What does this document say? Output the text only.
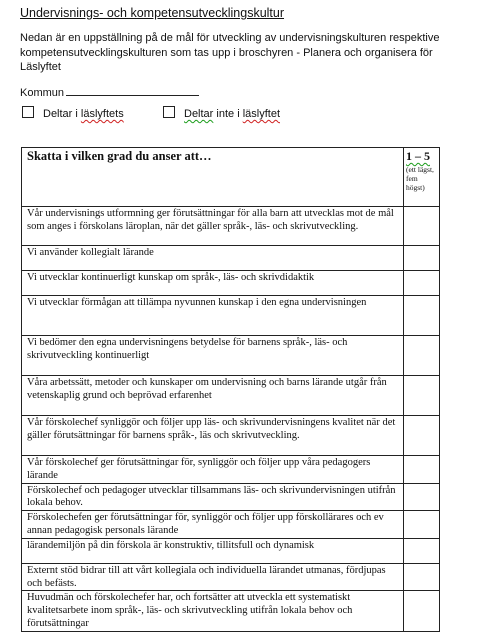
Undervisnings- och kompetensutvecklingskultur
Nedan är en uppställning på de mål för utveckling av undervisningskulturen respektive kompetensutvecklingskulturen som tas upp i broschyren - Planera och organisera för Läslyftet
Kommun
Deltar i läslyftets	Deltar inte i läslyftet
Skatta i vilken grad du anser att…	1 – 5
(ett lägst, fem högst)

Vår undervisnings utformning ger förutsättningar för alla barn att utvecklas mot de mål som anges i förskolans läroplan, när det gäller språk-, läs- och skrivutveckling.	
Vi använder kollegialt lärande	
Vi utvecklar kontinuerligt kunskap om språk-, läs- och skrivdidaktik	
Vi utvecklar förmågan att tillämpa nyvunnen kunskap i den egna undervisningen	
Vi bedömer den egna undervisningens betydelse för barnens språk-, läs- och skrivutveckling kontinuerligt	
Våra arbetssätt, metoder och kunskaper om undervisning och barns lärande utgår från vetenskaplig grund och beprövad erfarenhet	
Vår förskolechef synliggör och följer upp läs- och skrivundervisningens kvalitet när det gäller förutsättningar för barnens språk-, läs och skrivutveckling.	
Vår förskolechef ger förutsättningar för, synliggör och följer upp våra pedagogers lärande	
Förskolechef och pedagoger utvecklar tillsammans läs- och skrivundervisningen utifrån lokala behov.	
Förskolechefen ger förutsättningar för, synliggör och följer upp förskollärares och ev annan pedagogisk personals lärande	
lärandemiljön på din förskola är konstruktiv, tillitsfull och dynamisk	
Externt stöd bidrar till att vårt kollegiala och individuella lärandet utmanas, fördjupas och befästs.	
Huvudmän och förskolechefer har, och fortsätter att utveckla ett systematiskt kvalitetsarbete inom språk-, läs- och skrivutveckling utifrån lokala behov och förutsättningar	
